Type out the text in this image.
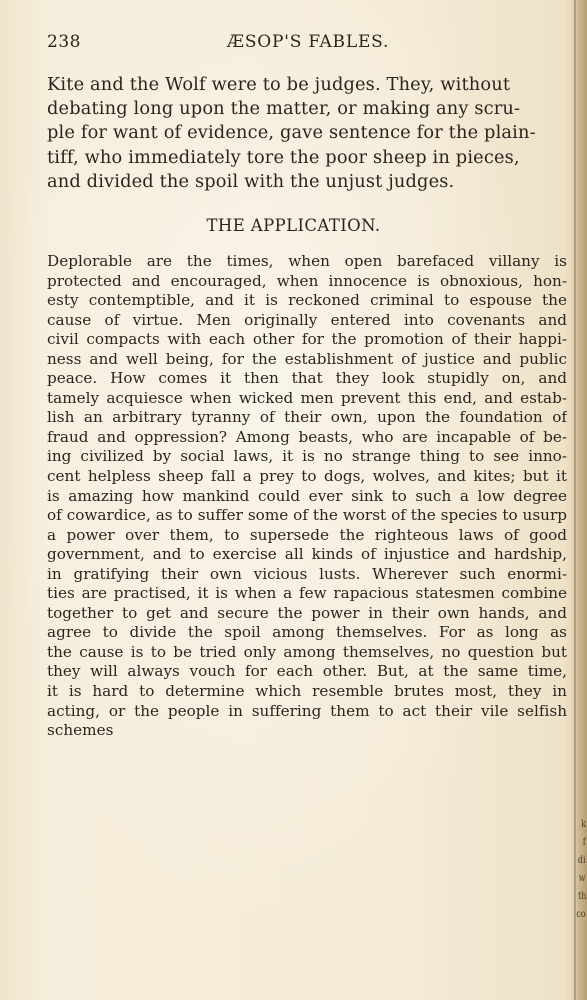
238	ÆSOP'S FABLES.
Kite and the Wolf were to be judges. They, without
debating long upon the matter, or making any scru-
ple for want of evidence, gave sentence for the plain-
tiff, who immediately tore the poor sheep in pieces,
and divided the spoil with the unjust judges.
THE APPLICATION.
Deplorable are the times, when open barefaced villany is
protected and encouraged, when innocence is obnoxious, hon-
esty contemptible, and it is reckoned criminal to espouse the
cause of virtue. Men originally entered into covenants and
civil compacts with each other for the promotion of their happi-
ness and well being, for the establishment of justice and public
peace. How comes it then that they look stupidly on, and
tamely acquiesce when wicked men prevent this end, and estab-
lish an arbitrary tyranny of their own, upon the foundation of
fraud and oppression? Among beasts, who are incapable of be-
ing civilized by social laws, it is no strange thing to see inno-
cent helpless sheep fall a prey to dogs, wolves, and kites; but it
is amazing how mankind could ever sink to such a low degree
of cowardice, as to suffer some of the worst of the species to usurp
a power over them, to supersede the righteous laws of good
government, and to exercise all kinds of injustice and hardship,
in gratifying their own vicious lusts. Wherever such enormi-
ties are practised, it is when a few rapacious statesmen combine
together to get and secure the power in their own hands, and
agree to divide the spoil among themselves. For as long as
the cause is to be tried only among themselves, no question but
they will always vouch for each other. But, at the same time,
it is hard to determine which resemble brutes most, they in
acting, or the people in suffering them to act their vile selfish
schemes
k
f
di
w
th
co
